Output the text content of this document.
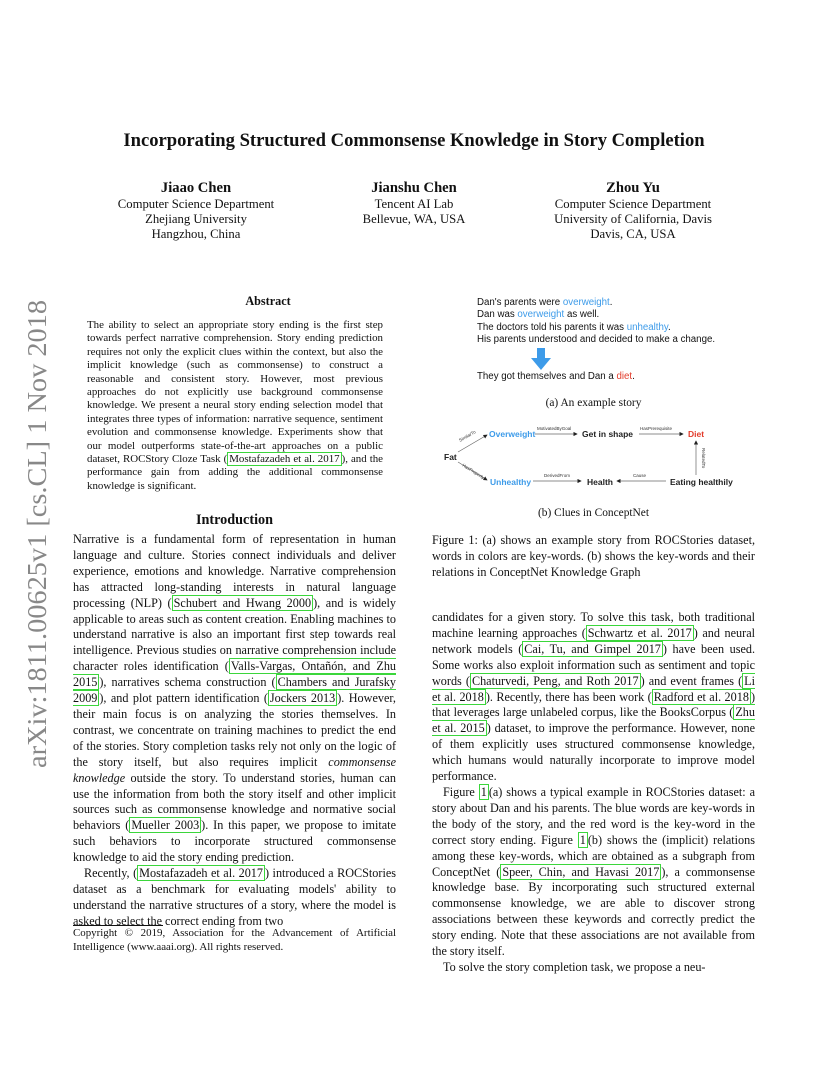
arXiv:1811.00625v1 [cs.CL] 1 Nov 2018
Incorporating Structured Commonsense Knowledge in Story Completion
Jiaao Chen
Computer Science Department
Zhejiang University
Hangzhou, China
Jianshu Chen
Tencent AI Lab
Bellevue, WA, USA
Zhou Yu
Computer Science Department
University of California, Davis
Davis, CA, USA
Abstract
The ability to select an appropriate story ending is the first step towards perfect narrative comprehension. Story ending prediction requires not only the explicit clues within the context, but also the implicit knowledge (such as commonsense) to construct a reasonable and consistent story. However, most previous approaches do not explicitly use background commonsense knowledge. We present a neural story ending selection model that integrates three types of information: narrative sequence, sentiment evolution and commonsense knowledge. Experiments show that our model outperforms state-of-the-art approaches on a public dataset, ROCStory Cloze Task ( Mostafazadeh et al. 2017 ), and the performance gain from adding the additional commonsense knowledge is significant.
Introduction

Narrative is a fundamental form of representation in human language and culture. Stories connect individuals and deliver experience, emotions and knowledge. Narrative comprehension has attracted long-standing interests in natural language processing (NLP) ( Schubert and Hwang 2000 ), and is widely applicable to areas such as content creation. Enabling machines to understand narrative is also an important first step towards real intelligence. Previous studies on narrative comprehension include character roles identification ( Valls-Vargas, Ontañón, and Zhu 2015 ), narratives schema construction ( Chambers and Jurafsky 2009 ), and plot pattern identification ( Jockers 2013 ). However, their main focus is on analyzing the stories themselves. In contrast, we concentrate on training machines to predict the end of the stories. Story completion tasks rely not only on the logic of the story itself, but also requires implicit commonsense knowledge outside the story. To understand stories, human can use the information from both the story itself and other implicit sources such as commonsense knowledge and normative social behaviors ( Mueller 2003 ). In this paper, we propose to imitate such behaviors to incorporate structured commonsense knowledge to aid the story ending prediction.

Recently, ( Mostafazadeh et al. 2017 ) introduced a ROCStories dataset as a benchmark for evaluating models' ability to understand the narrative structures of a story, where the model is asked to select the correct ending from two

Copyright © 2019, Association for the Advancement of Artificial Intelligence (www.aaai.org). All rights reserved.
Dan's parents were overweight.
Dan was overweight as well.
The doctors told his parents it was unhealthy.
His parents understood and decided to make a change.
They got themselves and Dan a diet.
(a) An example story
SimilarTo
HasProperty
MotivatedByGoal	HasPrerequisite
RelatedTo
DerivedFrom	Cause
Fat
Overweight	Get in shape	Diet
Unhealthy	Health	Eating healthily
(b) Clues in ConceptNet
Figure 1: (a) shows an example story from ROCStories dataset, words in colors are key-words. (b) shows the key-words and their relations in ConceptNet Knowledge Graph

candidates for a given story. To solve this task, both traditional machine learning approaches ( Schwartz et al. 2017 ) and neural network models ( Cai, Tu, and Gimpel 2017 ) have been used. Some works also exploit information such as sentiment and topic words ( Chaturvedi, Peng, and Roth 2017 ) and event frames ( Li et al. 2018 ). Recently, there has been work ( Radford et al. 2018 ) that leverages large unlabeled corpus, like the BooksCorpus ( Zhu et al. 2015 ) dataset, to improve the performance. However, none of them explicitly uses structured commonsense knowledge, which humans would naturally incorporate to improve model performance.

Figure 1 (a) shows a typical example in ROCStories dataset: a story about Dan and his parents. The blue words are key-words in the body of the story, and the red word is the key-word in the correct story ending. Figure 1 (b) shows the (implicit) relations among these key-words, which are obtained as a subgraph from ConceptNet ( Speer, Chin, and Havasi 2017 ), a commonsense knowledge base. By incorporating such structured external commonsense knowledge, we are able to discover strong associations between these keywords and correctly predict the story ending. Note that these associations are not available from the story itself.

To solve the story completion task, we propose a neu-
